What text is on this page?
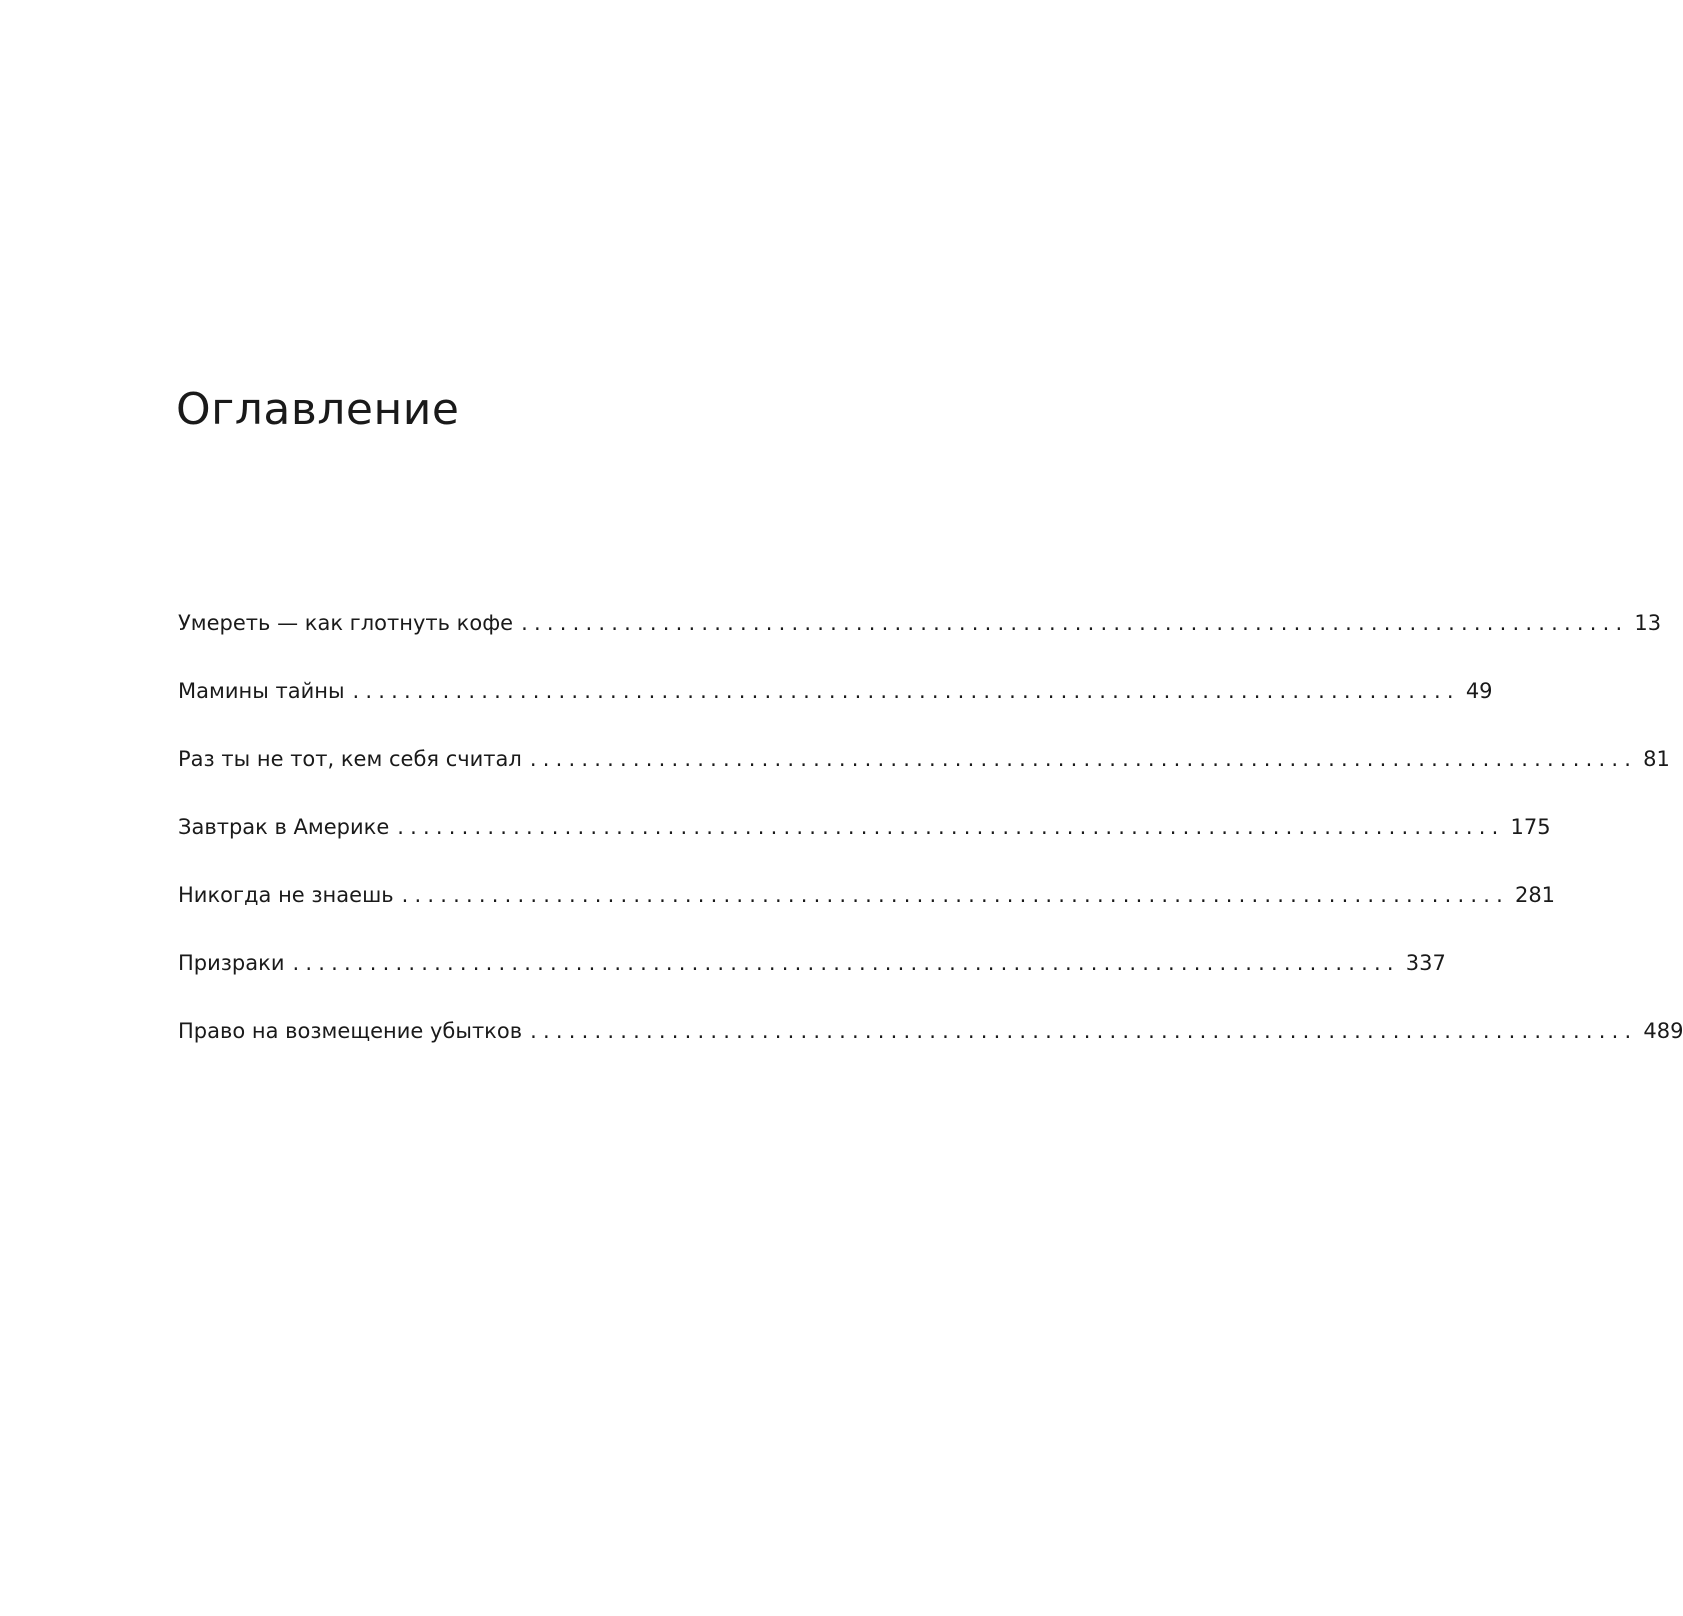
Оглавление
Умереть — как глотнуть кофе ...................................................................................... 13
Мамины тайны ...................................................................................... 49
Раз ты не тот, кем себя считал ...................................................................................... 81
Завтрак в Америке ...................................................................................... 175
Никогда не знаешь ...................................................................................... 281
Призраки ...................................................................................... 337
Право на возмещение убытков ...................................................................................... 489
